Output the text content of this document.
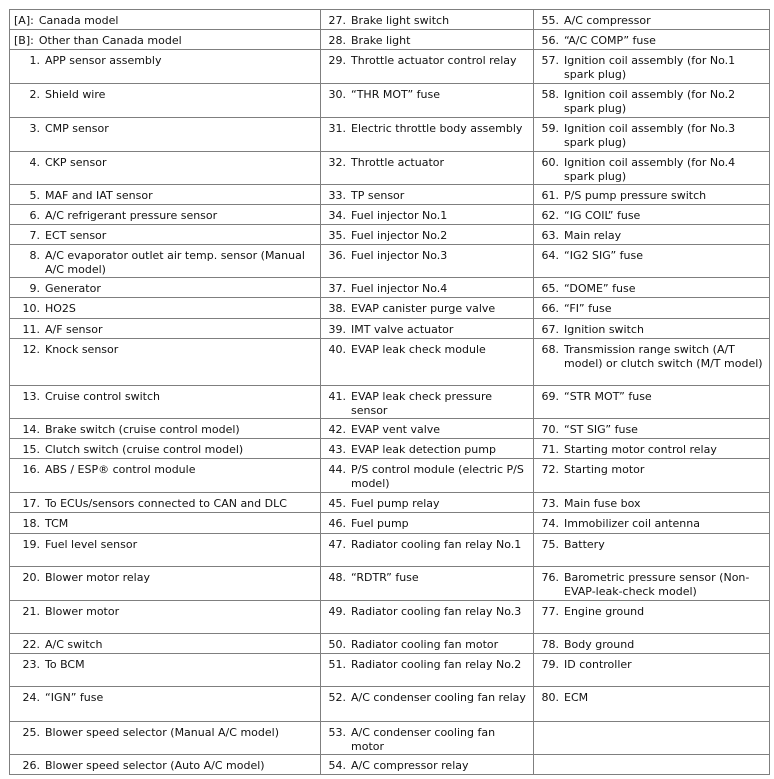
[A]: Canada model	27. Brake light switch	55. A/C compressor

[B]: Other than Canada model	28. Brake light	56. “A/C COMP” fuse

1. APP sensor assembly	29. Throttle actuator control relay	57. Ignition coil assembly (for No.1 spark plug)

2. Shield wire	30. “THR MOT” fuse	58. Ignition coil assembly (for No.2 spark plug)

3. CMP sensor	31. Electric throttle body assembly	59. Ignition coil assembly (for No.3 spark plug)

4. CKP sensor	32. Throttle actuator	60. Ignition coil assembly (for No.4 spark plug)

5. MAF and IAT sensor	33. TP sensor	61. P/S pump pressure switch

6. A/C refrigerant pressure sensor	34. Fuel injector No.1	62. “IG COIL” fuse

7. ECT sensor	35. Fuel injector No.2	63. Main relay

8. A/C evaporator outlet air temp. sensor (Manual A/C model)	36. Fuel injector No.3	64. “IG2 SIG” fuse

9. Generator	37. Fuel injector No.4	65. “DOME” fuse

10. HO2S	38. EVAP canister purge valve	66. “FI” fuse

11. A/F sensor	39. IMT valve actuator	67. Ignition switch

12. Knock sensor	40. EVAP leak check module	68. Transmission range switch (A/T model) or clutch switch (M/T model)

13. Cruise control switch	41. EVAP leak check pressure sensor	69. “STR MOT” fuse

14. Brake switch (cruise control model)	42. EVAP vent valve	70. “ST SIG” fuse

15. Clutch switch (cruise control model)	43. EVAP leak detection pump	71. Starting motor control relay

16. ABS / ESP® control module	44. P/S control module (electric P/S model)	72. Starting motor

17. To ECUs/sensors connected to CAN and DLC	45. Fuel pump relay	73. Main fuse box

18. TCM	46. Fuel pump	74. Immobilizer coil antenna

19. Fuel level sensor	47. Radiator cooling fan relay No.1	75. Battery

20. Blower motor relay	48. “RDTR” fuse	76. Barometric pressure sensor (Non-EVAP-leak-check model)

21. Blower motor	49. Radiator cooling fan relay No.3	77. Engine ground

22. A/C switch	50. Radiator cooling fan motor	78. Body ground

23. To BCM	51. Radiator cooling fan relay No.2	79. ID controller

24. “IGN” fuse	52. A/C condenser cooling fan relay	80. ECM

25. Blower speed selector (Manual A/C model)	53. A/C condenser cooling fan motor	

26. Blower speed selector (Auto A/C model)	54. A/C compressor relay	
